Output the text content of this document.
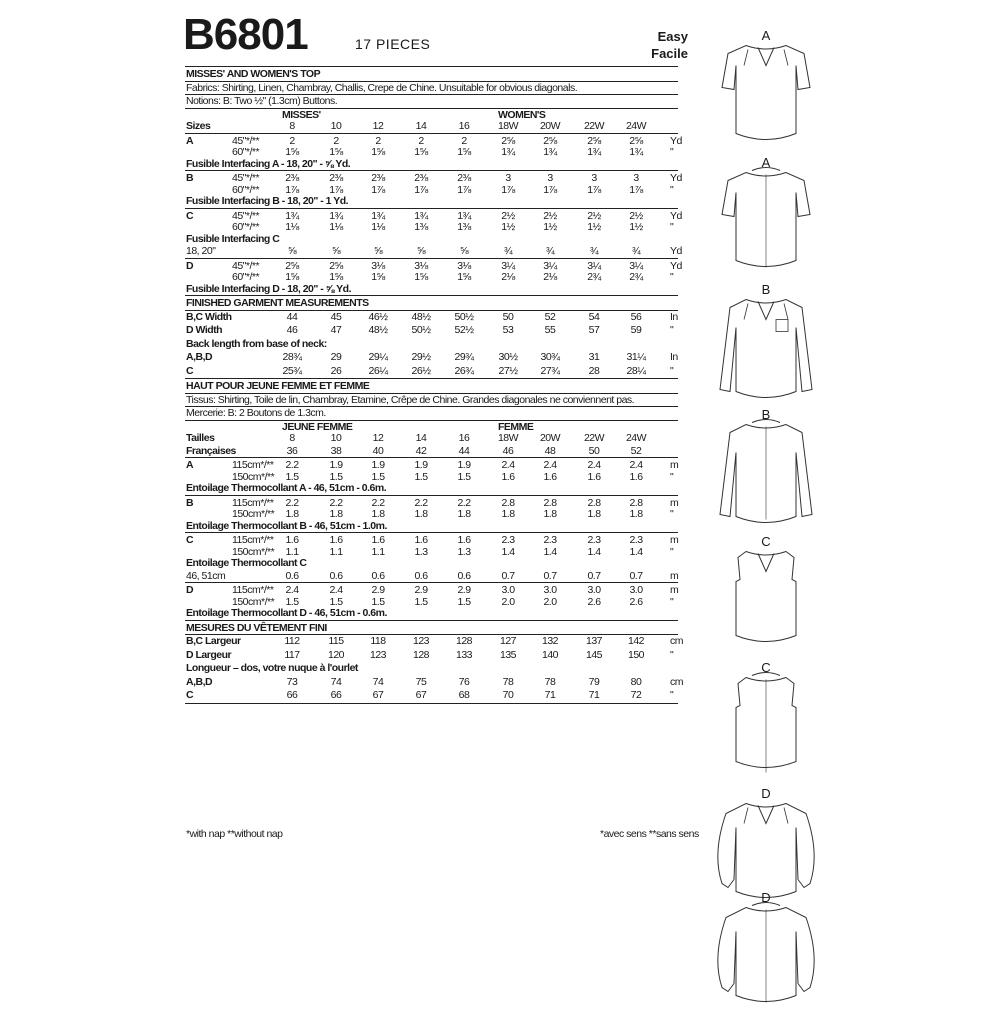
B6801	17 PIECES	Easy
Facile
MISSES' AND WOMEN'S TOP
Fabrics: Shirting, Linen, Chambray, Challis, Crepe de Chine. Unsuitable for obvious diagonals.
Notions: B: Two ½" (1.3cm) Buttons.
MISSES'	WOMEN'S
Sizes	8	10	12	14	16	18W 20W 22W 24W
A	45"*/**	2	2	2	2	2	2⅝	2⅝	2⅝	2⅝	Yd
60"*/** 1⅝	1⅝	1⅝	1⅝	1⅝	1¾	1¾	1¾	1¾	"
Fusible Interfacing A - 18, 20" - ⅝ Yd.
B	45"*/** 2⅜	2⅜	2⅜	2⅜	2⅜	3	3	3	3	Yd
60"*/** 1⅞	1⅞	1⅞	1⅞	1⅞	1⅞	1⅞	1⅞	1⅞	"
Fusible Interfacing B - 18, 20" - 1 Yd.
C	45"*/** 1¾	1¾	1¾	1¾	1¾	2½	2½	2½	2½	Yd
60"*/** 1⅛	1⅛	1⅛	1⅜	1⅜	1½	1½	1½	1½	"
Fusible Interfacing C
18, 20"	⅝	⅝	⅝	⅝	⅝	¾	¾	¾	¾	Yd
D	45"*/** 2⅝	2⅝	3⅛	3⅛	3⅛	3¼	3¼	3¼	3¼	Yd
60"*/** 1⅝	1⅝	1⅝	1⅝	1⅝	2⅛	2⅛	2¾	2¾	"
Fusible Interfacing D - 18, 20" - ⅝ Yd.
FINISHED GARMENT MEASUREMENTS
B,C Width	44	45	46½ 48½ 50½	50	52	54	56	In
D Width	46	47	48½ 50½ 52½	53	55	57	59	"
Back length from base of neck:
A,B,D	28¾	29	29¼ 29½ 29¾ 30½ 30¾	31	31¼ In
C	25¾	26	26¼ 26½ 26¾ 27½ 27¾	28	28¼ "
HAUT POUR JEUNE FEMME ET FEMME
Tissus: Shirting, Toile de lin, Chambray, Etamine, Crêpe de Chine. Grandes diagonales ne conviennent pas.
Mercerie: B: 2 Boutons de 1.3cm.
JEUNE FEMME	FEMME
Tailles	8	10	12	14	16	18W 20W 22W 24W
Françaises	36	38	40	42	44	46	48	50	52
A	115cm*/** 2.2	1.9	1.9	1.9	1.9	2.4	2.4	2.4	2.4	m
150cm*/** 1.5	1.5	1.5	1.5	1.5	1.6	1.6	1.6	1.6	"
Entoilage Thermocollant A - 46, 51cm - 0.6m.
B	115cm*/** 2.2	2.2	2.2	2.2	2.2	2.8	2.8	2.8	2.8	m
150cm*/** 1.8	1.8	1.8	1.8	1.8	1.8	1.8	1.8	1.8	"
Entoilage Thermocollant B - 46, 51cm - 1.0m.
C	115cm*/** 1.6	1.6	1.6	1.6	1.6	2.3	2.3	2.3	2.3	m
150cm*/** 1.1	1.1	1.1	1.3	1.3	1.4	1.4	1.4	1.4	"
Entoilage Thermocollant C
46, 51cm	0.6	0.6	0.6	0.6	0.6	0.7	0.7	0.7	0.7	m
D	115cm*/** 2.4	2.4	2.9	2.9	2.9	3.0	3.0	3.0	3.0	m
150cm*/** 1.5	1.5	1.5	1.5	1.5	2.0	2.0	2.6	2.6	"
Entoilage Thermocollant D - 46, 51cm - 0.6m.
MESURES DU VÊTEMENT FINI
B,C Largeur	112	115	118	123	128	127 132	137 142 cm
D Largeur	117	120 123	128	133	135 140	145 150 "
Longueur – dos, votre nuque à l'ourlet
A,B,D	73	74	74	75	76	78	78	79	80	cm
C	66	66	67	67	68	70	71	71	72	"
*with nap **without nap	*avec sens **sans sens
A
A
B
B
C
C
D
D
